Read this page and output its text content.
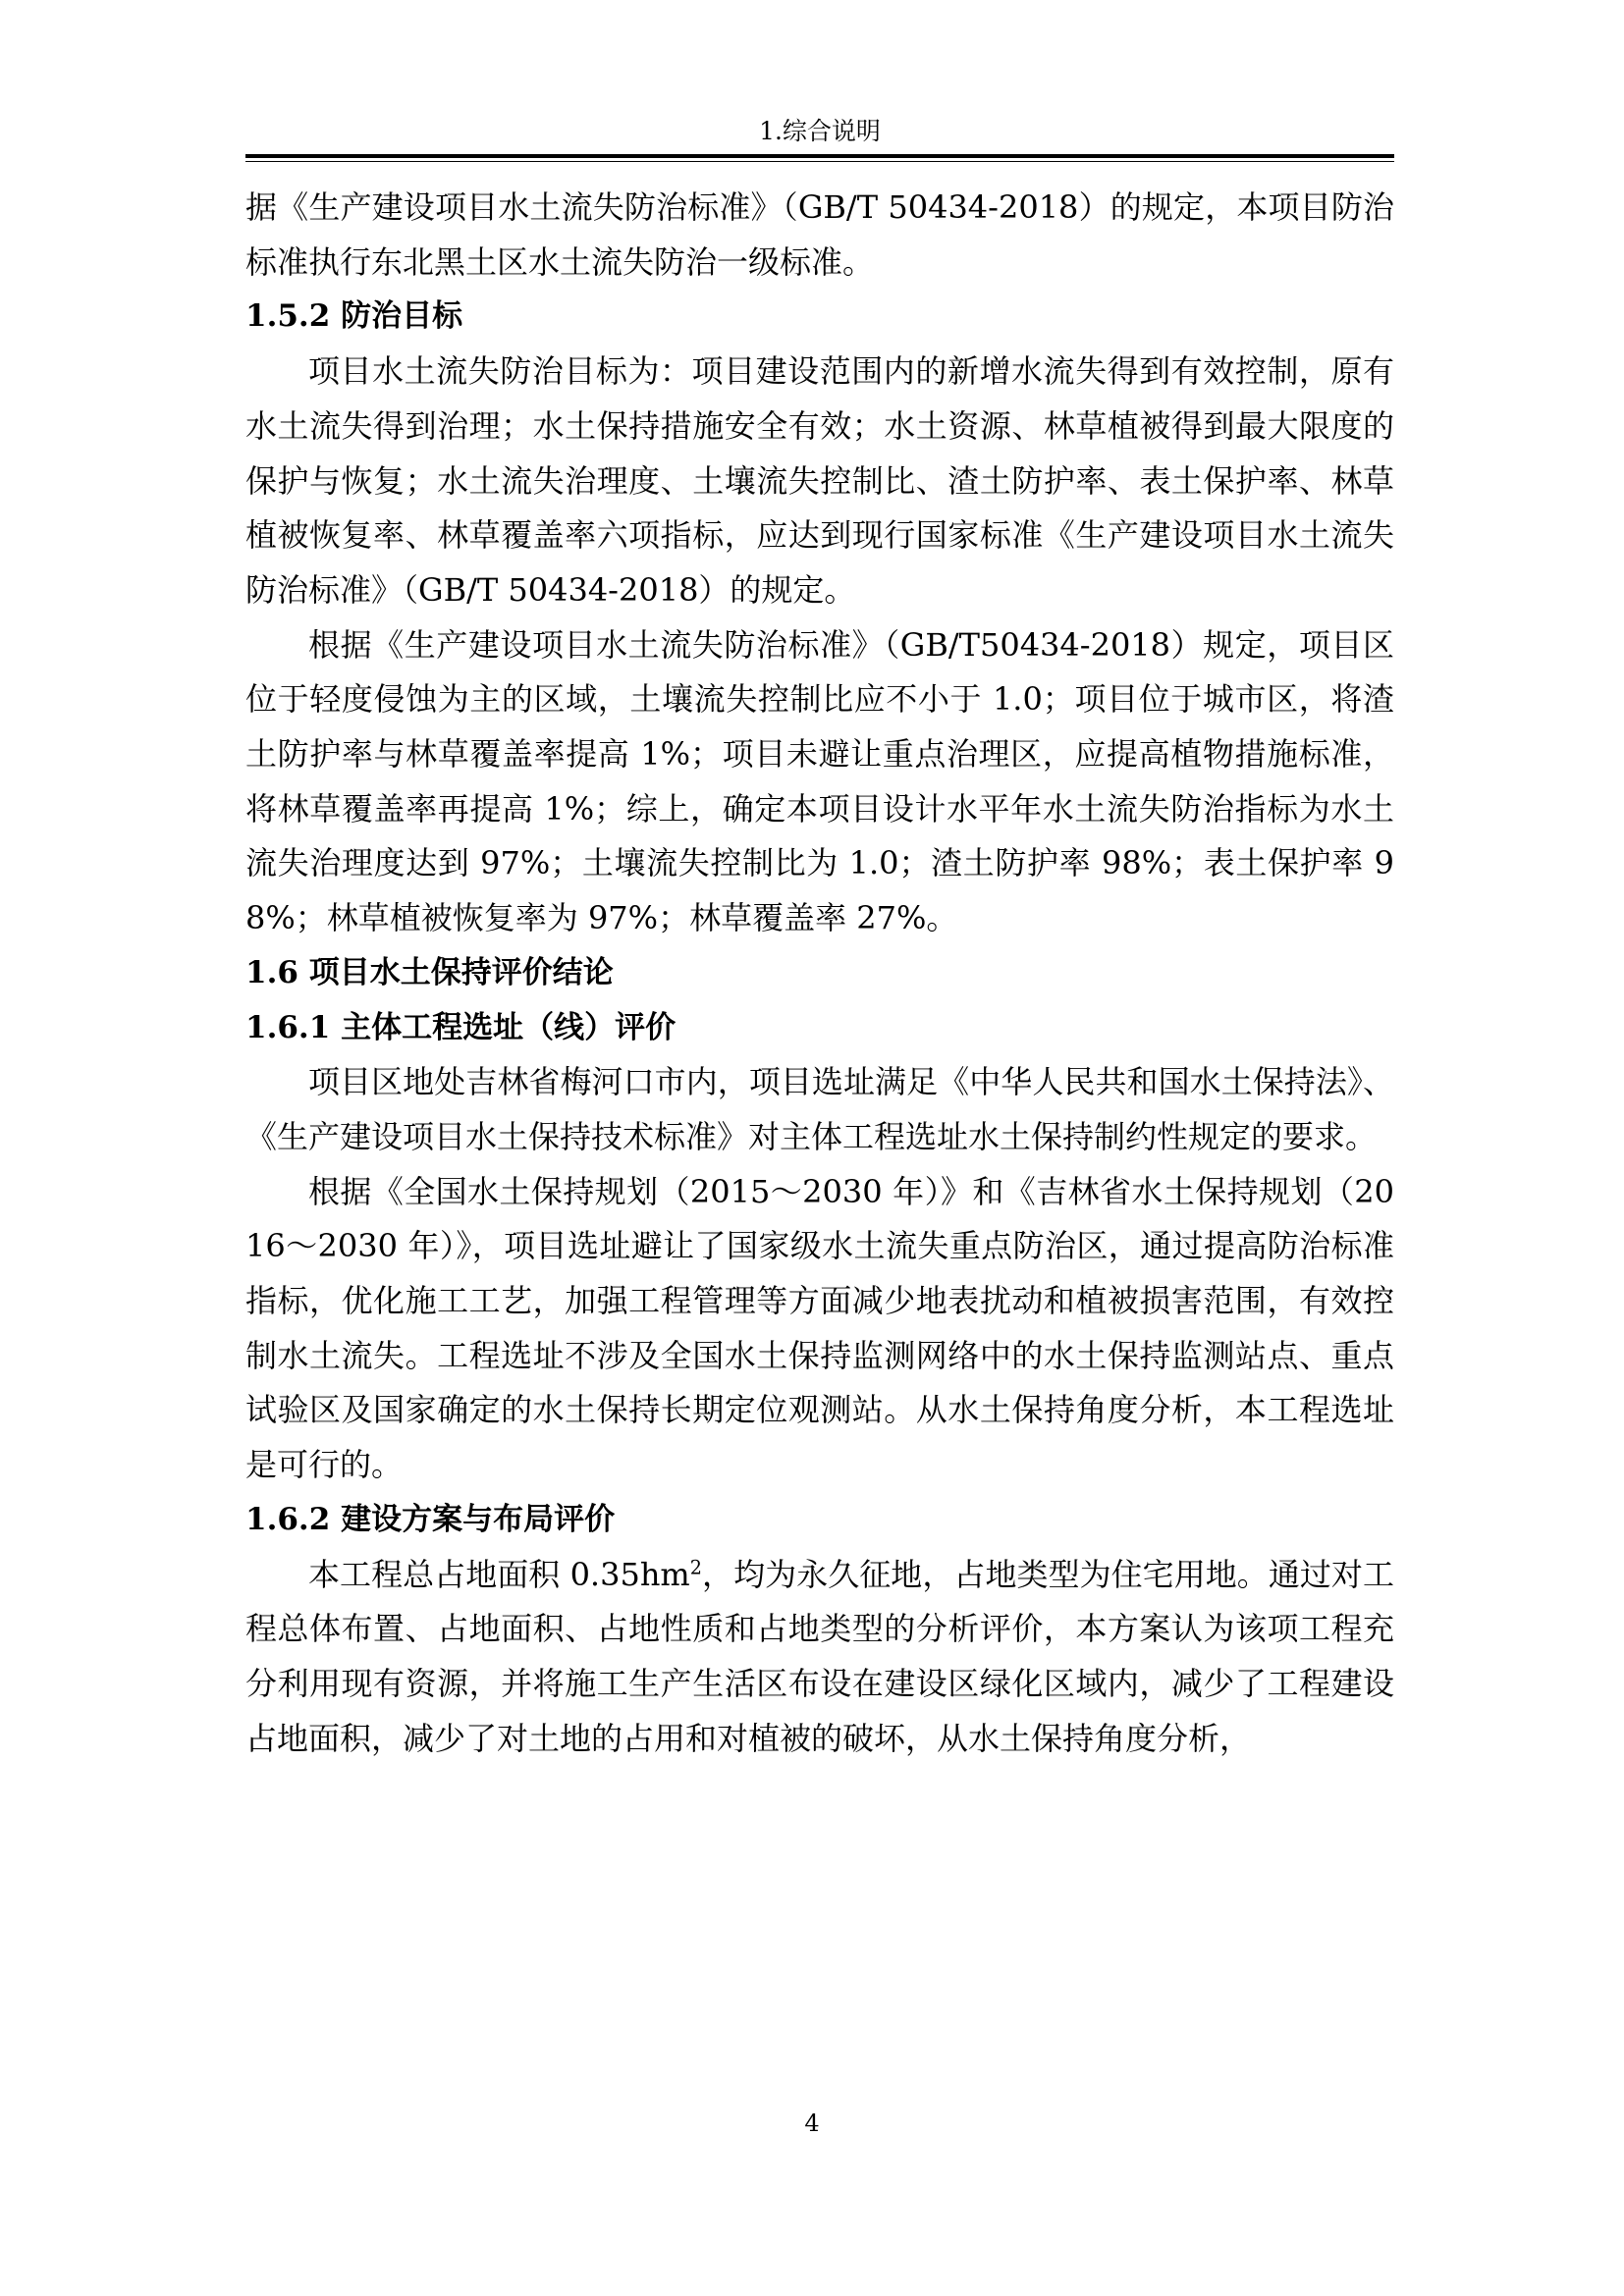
1.综合说明

据《生产建设项目水土流失防治标准》（GB/T 50434-2018）的规定，本项目防治标准执行东北黑土区水土流失防治一级标准。

1.5.2 防治目标

项目水土流失防治目标为：项目建设范围内的新增水流失得到有效控制，原有水土流失得到治理；水土保持措施安全有效；水土资源、林草植被得到最大限度的保护与恢复；水土流失治理度、土壤流失控制比、渣土防护率、表土保护率、林草植被恢复率、林草覆盖率六项指标，应达到现行国家标准《生产建设项目水土流失防治标准》（GB/T 50434-2018）的规定。

根据《生产建设项目水土流失防治标准》（GB/T50434-2018）规定，项目区位于轻度侵蚀为主的区域，土壤流失控制比应不小于 1.0；项目位于城市区，将渣土防护率与林草覆盖率提高 1%；项目未避让重点治理区，应提高植物措施标准，将林草覆盖率再提高 1%；综上，确定本项目设计水平年水土流失防治指标为水土流失治理度达到 97%；土壤流失控制比为 1.0；渣土防护率 98%；表土保护率 98%；林草植被恢复率为 97%；林草覆盖率 27%。

1.6 项目水土保持评价结论

1.6.1 主体工程选址（线）评价

项目区地处吉林省梅河口市内，项目选址满足《中华人民共和国水土保持法》、《生产建设项目水土保持技术标准》对主体工程选址水土保持制约性规定的要求。

根据《全国水土保持规划（2015～2030 年）》和《吉林省水土保持规划（2016～2030 年）》，项目选址避让了国家级水土流失重点防治区，通过提高防治标准指标，优化施工工艺，加强工程管理等方面减少地表扰动和植被损害范围，有效控制水土流失。工程选址不涉及全国水土保持监测网络中的水土保持监测站点、重点试验区及国家确定的水土保持长期定位观测站。从水土保持角度分析，本工程选址是可行的。

1.6.2 建设方案与布局评价

本工程总占地面积 $0.35hm^2$，均为永久征地，占地类型为住宅用地。通过对工程总体布置、占地面积、占地性质和占地类型的分析评价，本方案认为该项工程充分利用现有资源，并将施工生产生活区布设在建设区绿化区域内，减少了工程建设占地面积，减少了对土地的占用和对植被的破坏，从水土保持角度分析，

4
